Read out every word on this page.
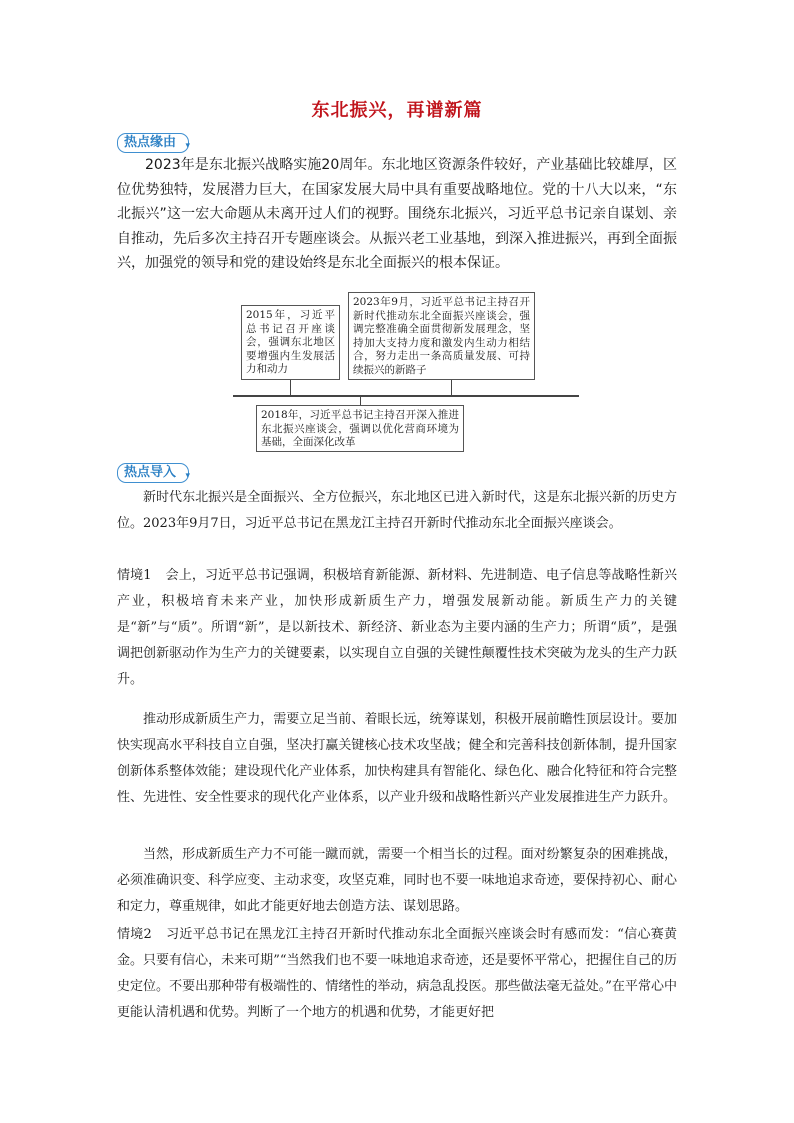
东北振兴，再谱新篇
热点缘由 ▾

2023年是东北振兴战略实施20周年。东北地区资源条件较好，产业基础比较雄厚，区位优势独特，发展潜力巨大，在国家发展大局中具有重要战略地位。党的十八大以来，“东北振兴”这一宏大命题从未离开过人们的视野。围绕东北振兴，习近平总书记亲自谋划、亲自推动，先后多次主持召开专题座谈会。从振兴老工业基地，到深入推进振兴，再到全面振兴，加强党的领导和党的建设始终是东北全面振兴的根本保证。

2015年，习近平总书记召开座谈会，强调东北地区要增强内生发展活力和动力
2023年9月，习近平总书记主持召开新时代推动东北全面振兴座谈会，强调完整准确全面贯彻新发展理念，坚持加大支持力度和激发内生动力相结合，努力走出一条高质量发展、可持续振兴的新路子
2018年，习近平总书记主持召开深入推进东北振兴座谈会，强调以优化营商环境为基础，全面深化改革
热点导入 ▾

新时代东北振兴是全面振兴、全方位振兴，东北地区已进入新时代，这是东北振兴新的历史方位。2023年9月7日，习近平总书记在黑龙江主持召开新时代推动东北全面振兴座谈会。

情境1 会上，习近平总书记强调，积极培育新能源、新材料、先进制造、电子信息等战略性新兴产业，积极培育未来产业，加快形成新质生产力，增强发展新动能。新质生产力的关键是“新”与“质”。所谓“新”，是以新技术、新经济、新业态为主要内涵的生产力；所谓“质”，是强调把创新驱动作为生产力的关键要素，以实现自立自强的关键性颠覆性技术突破为龙头的生产力跃升。

推动形成新质生产力，需要立足当前、着眼长远，统筹谋划，积极开展前瞻性顶层设计。要加快实现高水平科技自立自强，坚决打赢关键核心技术攻坚战；健全和完善科技创新体制，提升国家创新体系整体效能；建设现代化产业体系，加快构建具有智能化、绿色化、融合化特征和符合完整性、先进性、安全性要求的现代化产业体系，以产业升级和战略性新兴产业发展推进生产力跃升。

当然，形成新质生产力不可能一蹴而就，需要一个相当长的过程。面对纷繁复杂的困难挑战，必须准确识变、科学应变、主动求变，攻坚克难，同时也不要一味地追求奇迹，要保持初心、耐心和定力，尊重规律，如此才能更好地去创造方法、谋划思路。

情境2 习近平总书记在黑龙江主持召开新时代推动东北全面振兴座谈会时有感而发：“信心赛黄金。只要有信心，未来可期”“当然我们也不要一味地追求奇迹，还是要怀平常心，把握住自己的历史定位。不要出那种带有极端性的、情绪性的举动，病急乱投医。那些做法毫无益处。”在平常心中更能认清机遇和优势。判断了一个地方的机遇和优势，才能更好把
